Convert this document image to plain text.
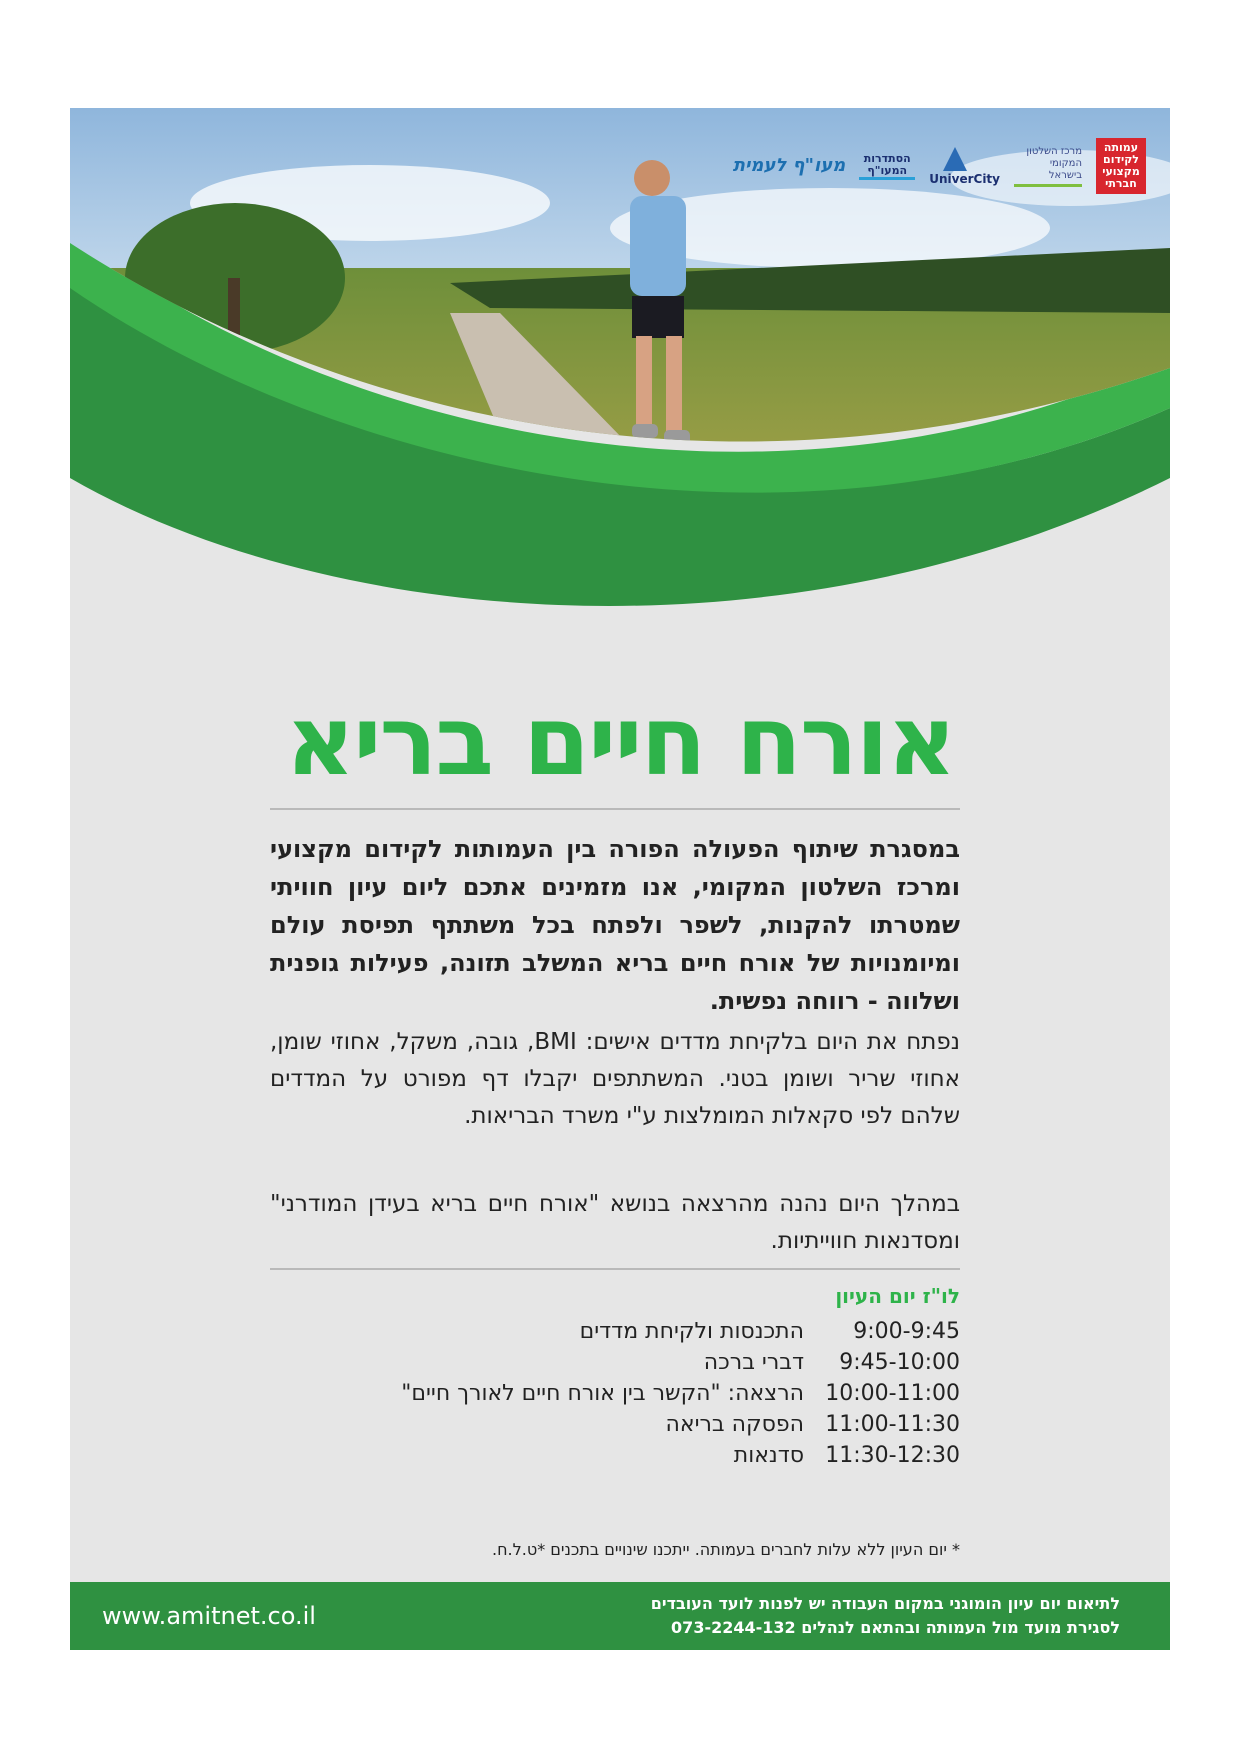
עמותה לקידום מקצועי חברתי
מרכז השלטון המקומי בישראל
UniverCity
הסתדרות המעו"ף
מעו"ף לעמית
אורח חיים בריא
במסגרת שיתוף הפעולה הפורה בין העמותות לקידום מקצועי ומרכז השלטון המקומי, אנו מזמינים אתכם ליום עיון חוויתי שמטרתו להקנות, לשפר ולפתח בכל משתתף תפיסת עולם ומיומנויות של אורח חיים בריא המשלב תזונה, פעילות גופנית ושלווה - רווחה נפשית.
נפתח את היום בלקיחת מדדים אישים: BMI, גובה, משקל, אחוזי שומן, אחוזי שריר ושומן בטני. המשתתפים יקבלו דף מפורט על המדדים שלהם לפי סקאלות המומלצות ע"י משרד הבריאות.
במהלך היום נהנה מהרצאה בנושא "אורח חיים בריא בעידן המודרני" ומסדנאות חווייתיות.
לו"ז יום העיון
9:00-9:45
התכנסות ולקיחת מדדים
9:45-10:00
דברי ברכה
10:00-11:00
הרצאה: "הקשר בין אורח חיים לאורך חיים"
11:00-11:30
הפסקה בריאה
11:30-12:30
סדנאות
* יום העיון ללא עלות לחברים בעמותה. ייתכנו שינויים בתכנים *ט.ל.ח.
www.amitnet.co.il	לתיאום יום עיון הומוגני במקום העבודה יש לפנות לועד העובדים
לסגירת מועד מול העמותה ובהתאם לנהלים 073-2244-132
